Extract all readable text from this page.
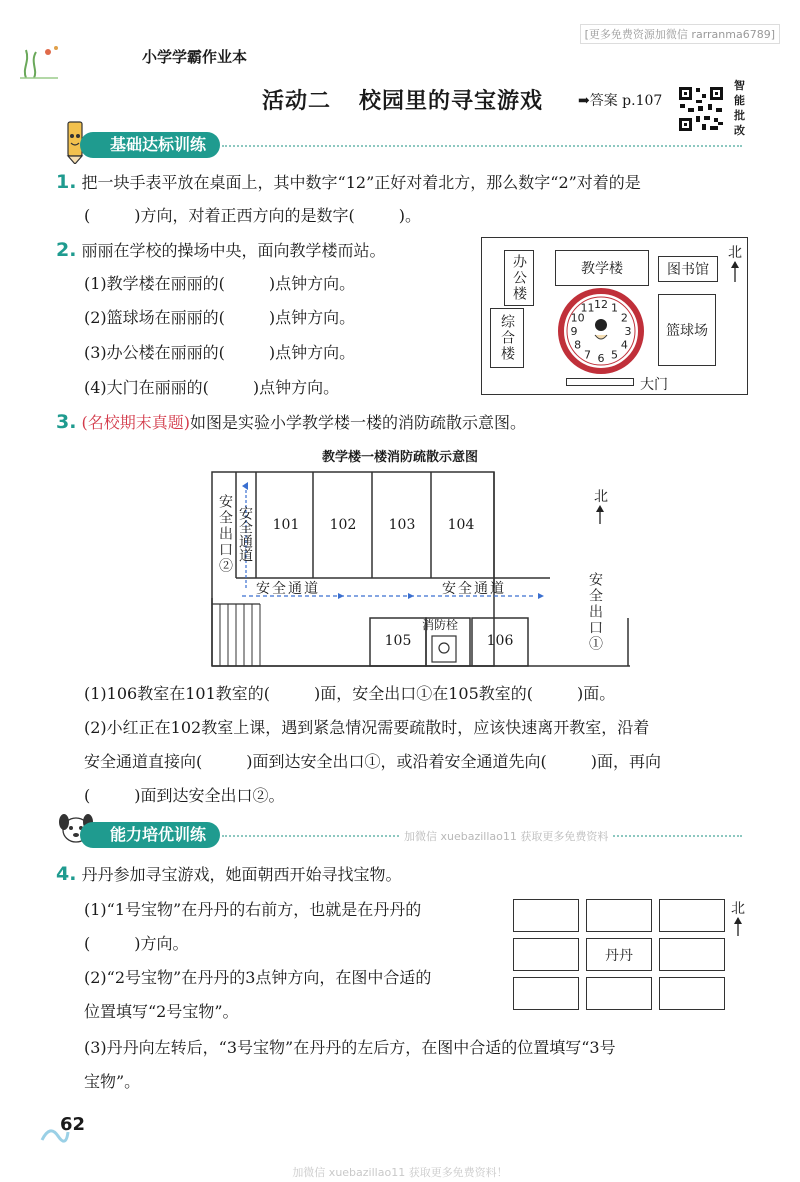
[更多免费资源加微信 rarranma6789]
小学学霸作业本
活动二 校园里的寻宝游戏 ➡答案 p.107
智能批改
基础达标训练
1. 把一块手表平放在桌面上，其中数字“12”正好对着北方，那么数字“2”对着的是
(	)方向，对着正西方向的是数字(	)。
2. 丽丽在学校的操场中央，面向教学楼而站。
(1)教学楼在丽丽的(	)点钟方向。
(2)篮球场在丽丽的(	)点钟方向。
(3)办公楼在丽丽的(	)点钟方向。
(4)大门在丽丽的(	)点钟方向。
办公楼	教学楼	图书馆
北
综合楼	篮球场
12 1
2
3
4
5
6
7
8
9
10
11
大门
3. (名校期末真题)如图是实验小学教学楼一楼的消防疏散示意图。
教学楼一楼消防疏散示意图
101	102	103	104
105	106
消防栓
安全出口② 安全通道
安全通道	安全通道	安全出口①
北
(1)106教室在101教室的(	)面，安全出口①在105教室的(	)面。
(2)小红正在102教室上课，遇到紧急情况需要疏散时，应该快速离开教室，沿着
安全通道直接向(	)面到达安全出口①，或沿着安全通道先向(	)面，再向
(	)面到达安全出口②。
能力培优训练	加微信 xuebazillao11 获取更多免费资料
4. 丹丹参加寻宝游戏，她面朝西开始寻找宝物。
(1)“1号宝物”在丹丹的右前方，也就是在丹丹的
(	)方向。
(2)“2号宝物”在丹丹的3点钟方向，在图中合适的
位置填写“2号宝物”。
(3)丹丹向左转后，“3号宝物”在丹丹的左后方，在图中合适的位置填写“3号
宝物”。
丹丹
北
62
加微信 xuebazillao11 获取更多免费资料！
